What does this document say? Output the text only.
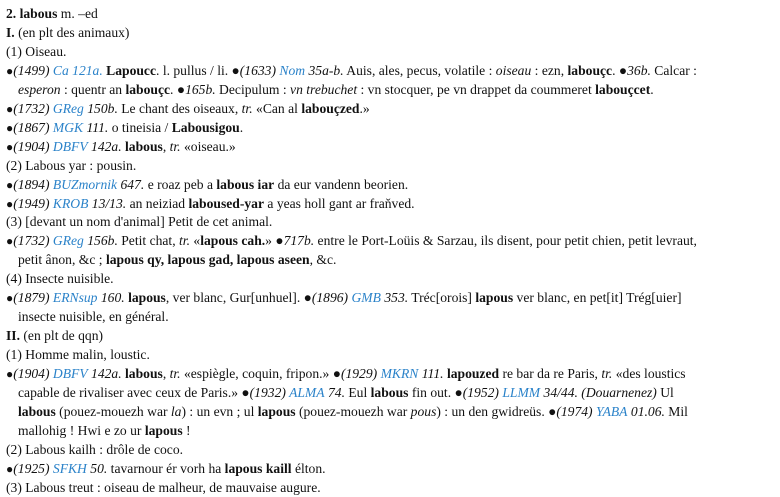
2. labous m. –ed
I. (en plt des animaux)
(1) Oiseau.
●(1499) Ca 121a. Lapoucc. l. pullus / li. ●(1633) Nom 35a-b. Auis, ales, pecus, volatile : oiseau : ezn, labouçc. ●36b. Calcar :
esperon : quentr an labouçc. ●165b. Decipulum : vn trebuchet : vn stocquer, pe vn drappet da coummeret labouçcet.
●(1732) GReg 150b. Le chant des oiseaux, tr. «Can al labouçzed.»
●(1867) MGK 111. o tineisia / Labousigou.
●(1904) DBFV 142a. labous, tr. «oiseau.»
(2) Labous yar : pousin.
●(1894) BUZmornik 647. e roaz peb a labous iar da eur vandenn beorien.
●(1949) KROB 13/13. an neiziad laboused-yar a yeas holl gant ar fraňved.
(3) [devant un nom d'animal] Petit de cet animal.
●(1732) GReg 156b. Petit chat, tr. «lapous cah.» ●717b. entre le Port-Loüis & Sarzau, ils disent, pour petit chien, petit levraut,
petit ânon, &c ; lapous qy, lapous gad, lapous aseen, &c.
(4) Insecte nuisible.
●(1879) ERNsup 160. lapous, ver blanc, Gur[unhuel]. ●(1896) GMB 353. Tréc[orois] lapous ver blanc, en pet[it] Trég[uier]
insecte nuisible, en général.
II. (en plt de qqn)
(1) Homme malin, loustic.
●(1904) DBFV 142a. labous, tr. «espiègle, coquin, fripon.» ●(1929) MKRN 111. lapouzed re bar da re Paris, tr. «des loustics
capable de rivaliser avec ceux de Paris.» ●(1932) ALMA 74. Eul labous fin out. ●(1952) LLMM 34/44. (Douarnenez) Ul
labous (pouez-mouezh war la) : un evn ; ul lapous (pouez-mouezh war pous) : un den gwidreüs. ●(1974) YABA 01.06. Mil
mallohig ! Hwi e zo ur lapous !
(2) Labous kailh : drôle de coco.
●(1925) SFKH 50. tavarnour ér vorh ha lapous kaill élton.
(3) Labous treut : oiseau de malheur, de mauvaise augure.
